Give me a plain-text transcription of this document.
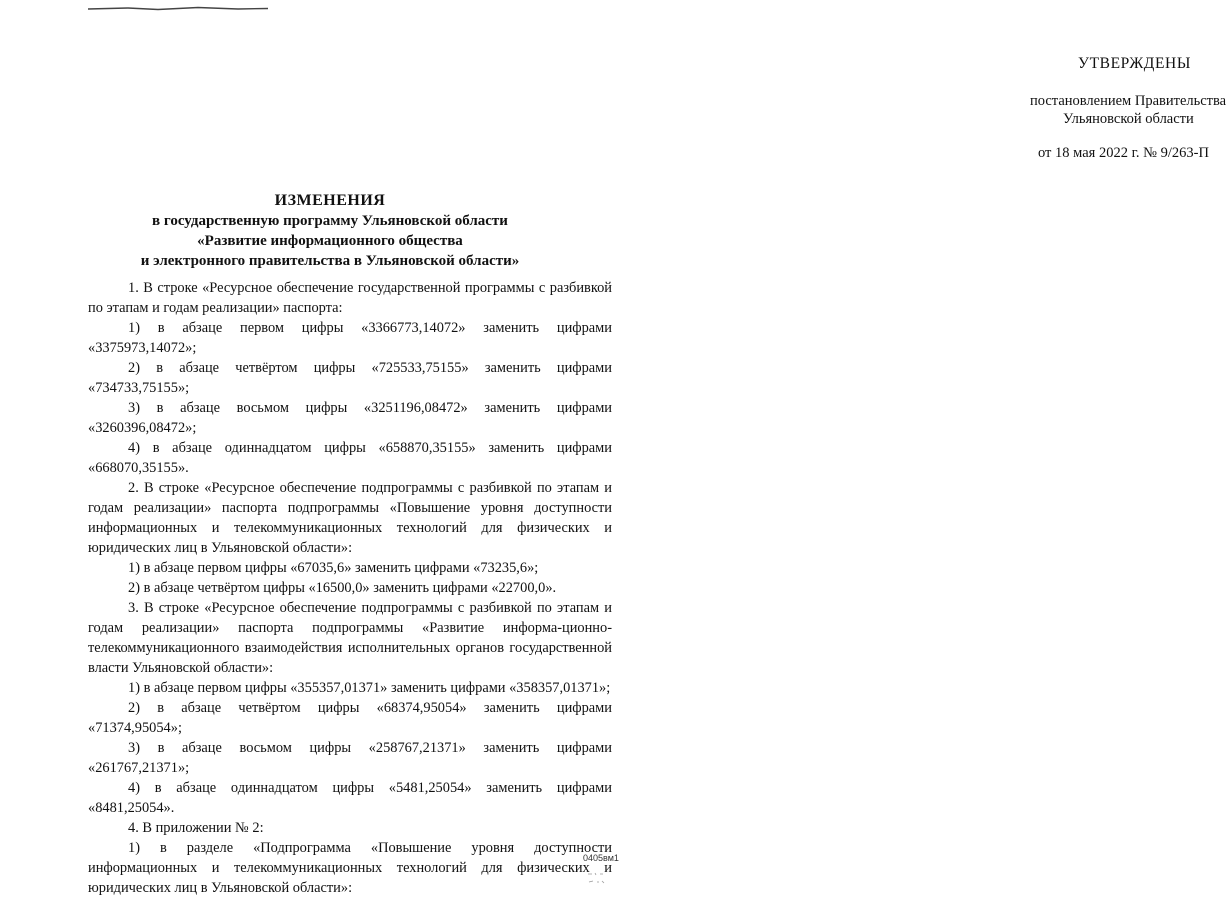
УТВЕРЖДЕНЫ
постановлением Правительства
Ульяновской области
от 18 мая 2022 г. № 9/263-П
ИЗМЕНЕНИЯ
в государственную программу Ульяновской области
«Развитие информационного общества
и электронного правительства в Ульяновской области»

1. В строке «Ресурсное обеспечение государственной программы с разбивкой по этапам и годам реализации» паспорта:

1) в абзаце первом цифры «3366773,14072» заменить цифрами «3375973,14072»;

2) в абзаце четвёртом цифры «725533,75155» заменить цифрами «734733,75155»;

3) в абзаце восьмом цифры «3251196,08472» заменить цифрами «3260396,08472»;

4) в абзаце одиннадцатом цифры «658870,35155» заменить цифрами «668070,35155».

2. В строке «Ресурсное обеспечение подпрограммы с разбивкой по этапам и годам реализации» паспорта подпрограммы «Повышение уровня доступности информационных и телекоммуникационных технологий для физических и юридических лиц в Ульяновской области»:

1) в абзаце первом цифры «67035,6» заменить цифрами «73235,6»;

2) в абзаце четвёртом цифры «16500,0» заменить цифрами «22700,0».

3. В строке «Ресурсное обеспечение подпрограммы с разбивкой по этапам и годам реализации» паспорта подпрограммы «Развитие информа-ционно-телекоммуникационного взаимодействия исполнительных органов государственной власти Ульяновской области»:

1) в абзаце первом цифры «355357,01371» заменить цифрами «358357,01371»;

2) в абзаце четвёртом цифры «68374,95054» заменить цифрами «71374,95054»;

3) в абзаце восьмом цифры «258767,21371» заменить цифрами «261767,21371»;

4) в абзаце одиннадцатом цифры «5481,25054» заменить цифрами «8481,25054».

4. В приложении № 2:

1) в разделе «Подпрограмма «Повышение уровня доступности информационных и телекоммуникационных технологий для физических и юридических лиц в Ульяновской области»:

0405вм1
